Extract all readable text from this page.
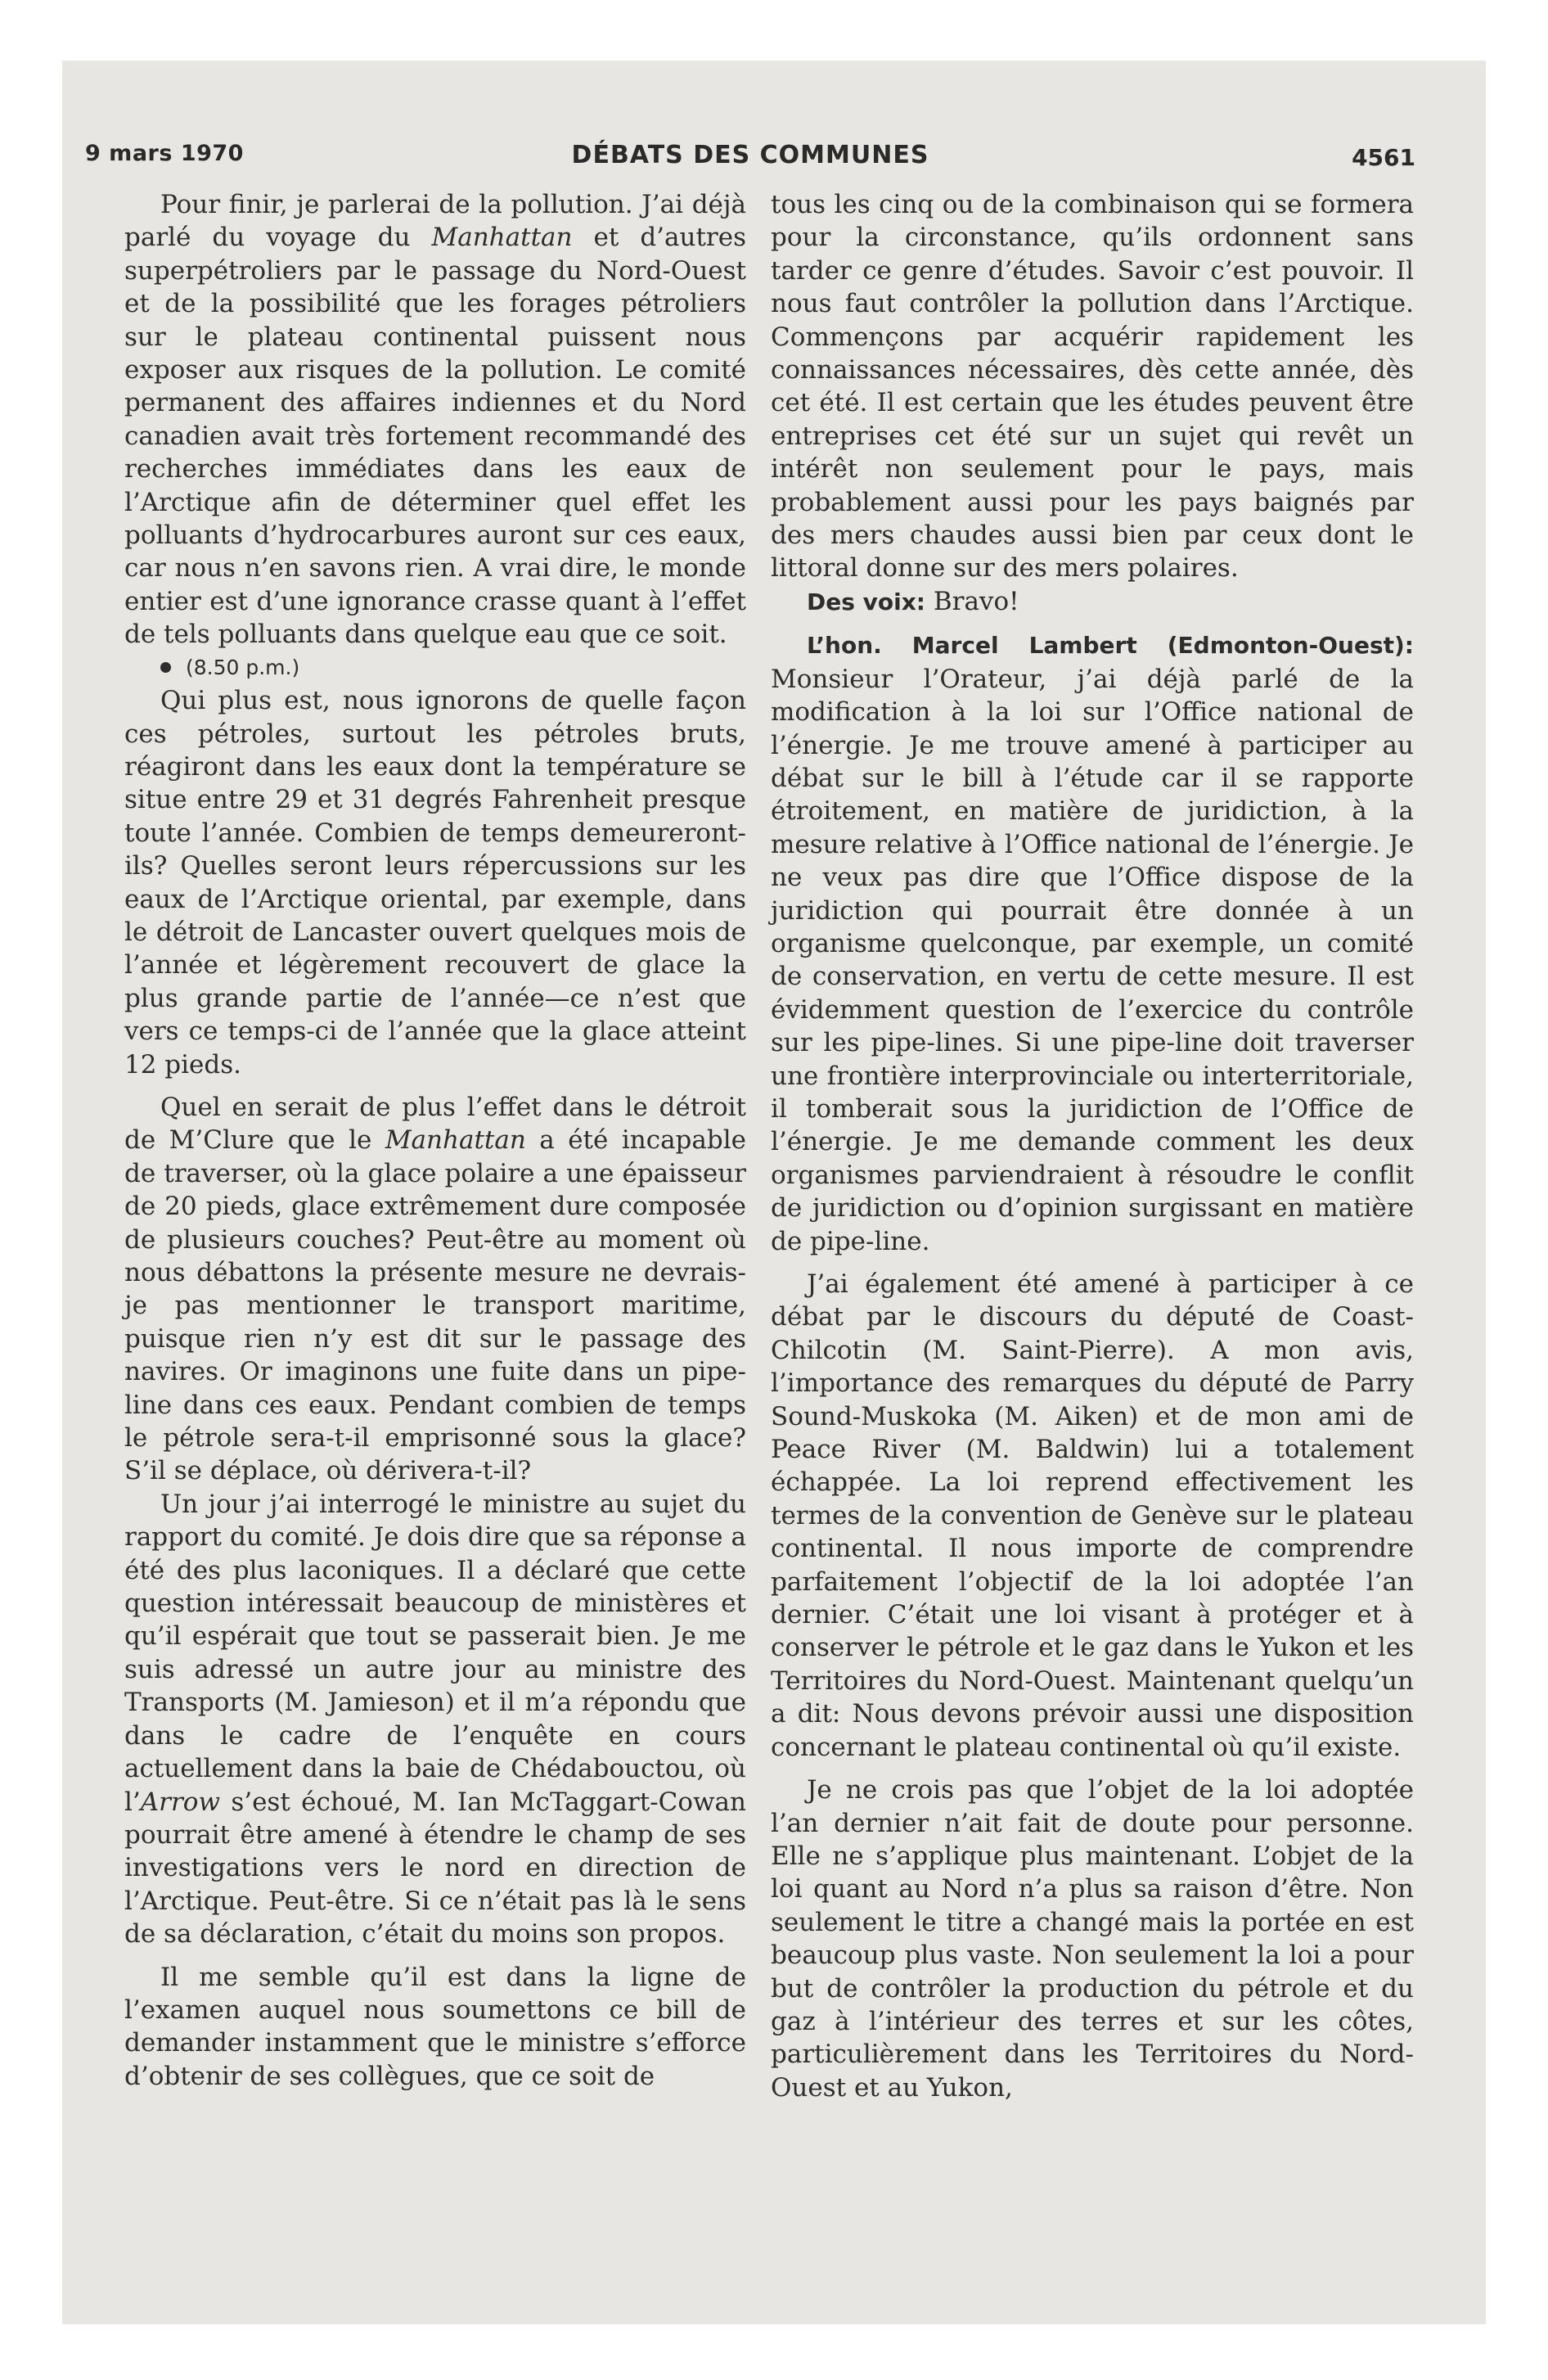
9 mars 1970	DÉBATS DES COMMUNES	4561

Pour finir, je parlerai de la pollution. J’ai déjà parlé du voyage du Manhattan et d’autres superpétroliers par le passage du Nord-Ouest et de la possibilité que les forages pétroliers sur le plateau continental puissent nous exposer aux risques de la pollution. Le comité permanent des affaires indiennes et du Nord canadien avait très fortement recommandé des recherches immédiates dans les eaux de l’Arctique afin de déterminer quel effet les polluants d’hydrocarbures auront sur ces eaux, car nous n’en savons rien. A vrai dire, le monde entier est d’une ignorance crasse quant à l’effet de tels polluants dans quelque eau que ce soit.

(8.50 p.m.)

Qui plus est, nous ignorons de quelle façon ces pétroles, surtout les pétroles bruts, réagiront dans les eaux dont la température se situe entre 29 et 31 degrés Fahrenheit presque toute l’année. Combien de temps demeureront-ils? Quelles seront leurs répercussions sur les eaux de l’Arctique oriental, par exemple, dans le détroit de Lancaster ouvert quelques mois de l’année et légèrement recouvert de glace la plus grande partie de l’année—ce n’est que vers ce temps-ci de l’année que la glace atteint 12 pieds.

Quel en serait de plus l’effet dans le détroit de M’Clure que le Manhattan a été incapable de traverser, où la glace polaire a une épaisseur de 20 pieds, glace extrêmement dure composée de plusieurs couches? Peut-être au moment où nous débattons la présente mesure ne devrais-je pas mentionner le transport maritime, puisque rien n’y est dit sur le passage des navires. Or imaginons une fuite dans un pipe-line dans ces eaux. Pendant combien de temps le pétrole sera-t-il emprisonné sous la glace? S’il se déplace, où dérivera-t-il?

Un jour j’ai interrogé le ministre au sujet du rapport du comité. Je dois dire que sa réponse a été des plus laconiques. Il a déclaré que cette question intéressait beaucoup de ministères et qu’il espérait que tout se passerait bien. Je me suis adressé un autre jour au ministre des Transports (M. Jamieson) et il m’a répondu que dans le cadre de l’enquête en cours actuellement dans la baie de Chédabouctou, où l’Arrow s’est échoué, M. Ian McTaggart-Cowan pourrait être amené à étendre le champ de ses investigations vers le nord en direction de l’Arctique. Peut-être. Si ce n’était pas là le sens de sa déclaration, c’était du moins son propos.

Il me semble qu’il est dans la ligne de l’examen auquel nous soumettons ce bill de demander instamment que le ministre s’efforce d’obtenir de ses collègues, que ce soit de

tous les cinq ou de la combinaison qui se formera pour la circonstance, qu’ils ordonnent sans tarder ce genre d’études. Savoir c’est pouvoir. Il nous faut contrôler la pollution dans l’Arctique. Commençons par acquérir rapidement les connaissances nécessaires, dès cette année, dès cet été. Il est certain que les études peuvent être entreprises cet été sur un sujet qui revêt un intérêt non seulement pour le pays, mais probablement aussi pour les pays baignés par des mers chaudes aussi bien par ceux dont le littoral donne sur des mers polaires.

Des voix: Bravo!

L’hon. Marcel Lambert (Edmonton-Ouest): Monsieur l’Orateur, j’ai déjà parlé de la modification à la loi sur l’Office national de l’énergie. Je me trouve amené à participer au débat sur le bill à l’étude car il se rapporte étroitement, en matière de juridiction, à la mesure relative à l’Office national de l’énergie. Je ne veux pas dire que l’Office dispose de la juridiction qui pourrait être donnée à un organisme quelconque, par exemple, un comité de conservation, en vertu de cette mesure. Il est évidemment question de l’exercice du contrôle sur les pipe-lines. Si une pipe-line doit traverser une frontière interprovinciale ou interterritoriale, il tomberait sous la juridiction de l’Office de l’énergie. Je me demande comment les deux organismes parviendraient à résoudre le conflit de juridiction ou d’opinion surgissant en matière de pipe-line.

J’ai également été amené à participer à ce débat par le discours du député de Coast-Chilcotin (M. Saint-Pierre). A mon avis, l’importance des remarques du député de Parry Sound-Muskoka (M. Aiken) et de mon ami de Peace River (M. Baldwin) lui a totalement échappée. La loi reprend effectivement les termes de la convention de Genève sur le plateau continental. Il nous importe de comprendre parfaitement l’objectif de la loi adoptée l’an dernier. C’était une loi visant à protéger et à conserver le pétrole et le gaz dans le Yukon et les Territoires du Nord-Ouest. Maintenant quelqu’un a dit: Nous devons prévoir aussi une disposition concernant le plateau continental où qu’il existe.

Je ne crois pas que l’objet de la loi adoptée l’an dernier n’ait fait de doute pour personne. Elle ne s’applique plus maintenant. L’objet de la loi quant au Nord n’a plus sa raison d’être. Non seulement le titre a changé mais la portée en est beaucoup plus vaste. Non seulement la loi a pour but de contrôler la production du pétrole et du gaz à l’intérieur des terres et sur les côtes, particulièrement dans les Territoires du Nord-Ouest et au Yukon,
